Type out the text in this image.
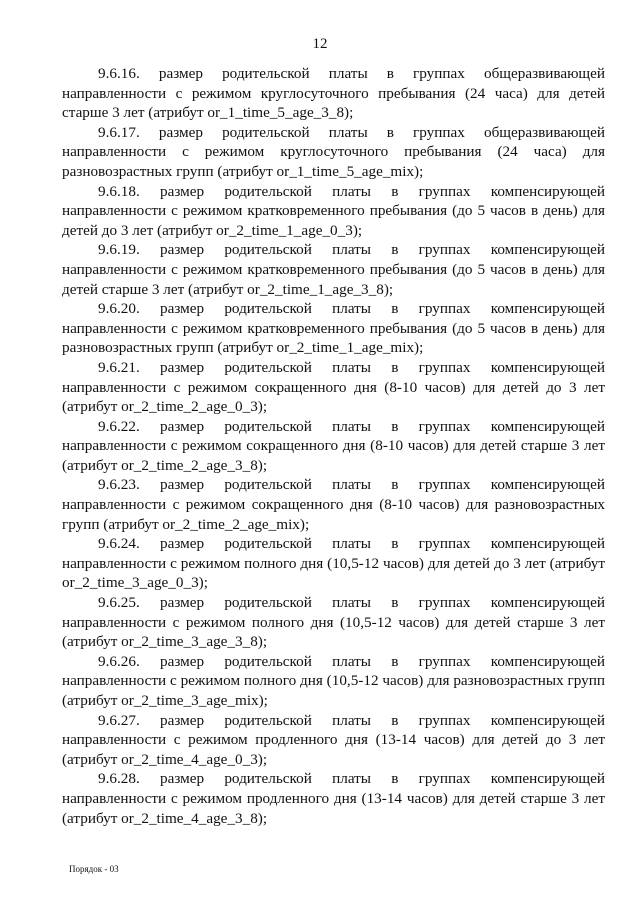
12

9.6.16. размер родительской платы в группах общеразвивающей направленности с режимом круглосуточного пребывания (24 часа) для детей старше 3 лет (атрибут or_1_time_5_age_3_8);

9.6.17. размер родительской платы в группах общеразвивающей направленности с режимом круглосуточного пребывания (24 часа) для разновозрастных групп (атрибут or_1_time_5_age_mix);

9.6.18. размер родительской платы в группах компенсирующей направленности с режимом кратковременного пребывания (до 5 часов в день) для детей до 3 лет (атрибут or_2_time_1_age_0_3);

9.6.19. размер родительской платы в группах компенсирующей направленности с режимом кратковременного пребывания (до 5 часов в день) для детей старше 3 лет (атрибут or_2_time_1_age_3_8);

9.6.20. размер родительской платы в группах компенсирующей направленности с режимом кратковременного пребывания (до 5 часов в день) для разновозрастных групп (атрибут or_2_time_1_age_mix);

9.6.21. размер родительской платы в группах компенсирующей направленности с режимом сокращенного дня (8-10 часов) для детей до 3 лет (атрибут or_2_time_2_age_0_3);

9.6.22. размер родительской платы в группах компенсирующей направленности с режимом сокращенного дня (8-10 часов) для детей старше 3 лет (атрибут or_2_time_2_age_3_8);

9.6.23. размер родительской платы в группах компенсирующей направленности с режимом сокращенного дня (8-10 часов) для разновозрастных групп (атрибут or_2_time_2_age_mix);

9.6.24. размер родительской платы в группах компенсирующей направленности с режимом полного дня (10,5-12 часов) для детей до 3 лет (атрибут or_2_time_3_age_0_3);

9.6.25. размер родительской платы в группах компенсирующей направленности с режимом полного дня (10,5-12 часов) для детей старше 3 лет (атрибут or_2_time_3_age_3_8);

9.6.26. размер родительской платы в группах компенсирующей направленности с режимом полного дня (10,5-12 часов) для разновозрастных групп (атрибут or_2_time_3_age_mix);

9.6.27. размер родительской платы в группах компенсирующей направленности с режимом продленного дня (13-14 часов) для детей до 3 лет (атрибут or_2_time_4_age_0_3);

9.6.28. размер родительской платы в группах компенсирующей направленности с режимом продленного дня (13-14 часов) для детей старше 3 лет (атрибут or_2_time_4_age_3_8);

Порядок - 03
